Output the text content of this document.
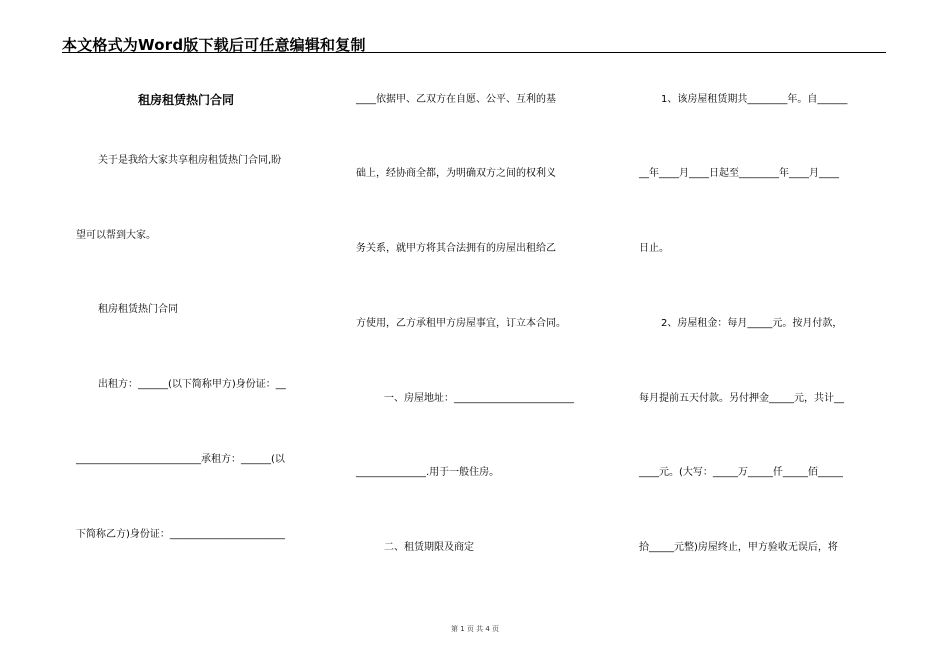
本文格式为Word版下载后可任意编辑和复制
租房租赁热门合同
关于是我给大家共享租房租赁热门合同,盼
望可以帮到大家。
租房租赁热门合同
出租方：______(以下简称甲方)身份证：__
_________________________承租方：______(以
下简称乙方)身份证：_______________________
____依据甲、乙双方在自愿、公平、互利的基
础上，经协商全都，为明确双方之间的权利义
务关系，就甲方将其合法拥有的房屋出租给乙
方使用，乙方承租甲方房屋事宜，订立本合同。
一、房屋地址：________________________
______________.用于一般住房。
二、租赁期限及商定
1、该房屋租赁期共________年。自______
__年____月____日起至________年____月____
日止。
2、房屋租金：每月_____元。按月付款，
每月提前五天付款。另付押金_____元，共计__
____元。(大写：_____万_____仟_____佰_____
拾_____元整)房屋终止，甲方验收无误后，将
第 1 页 共 4 页
